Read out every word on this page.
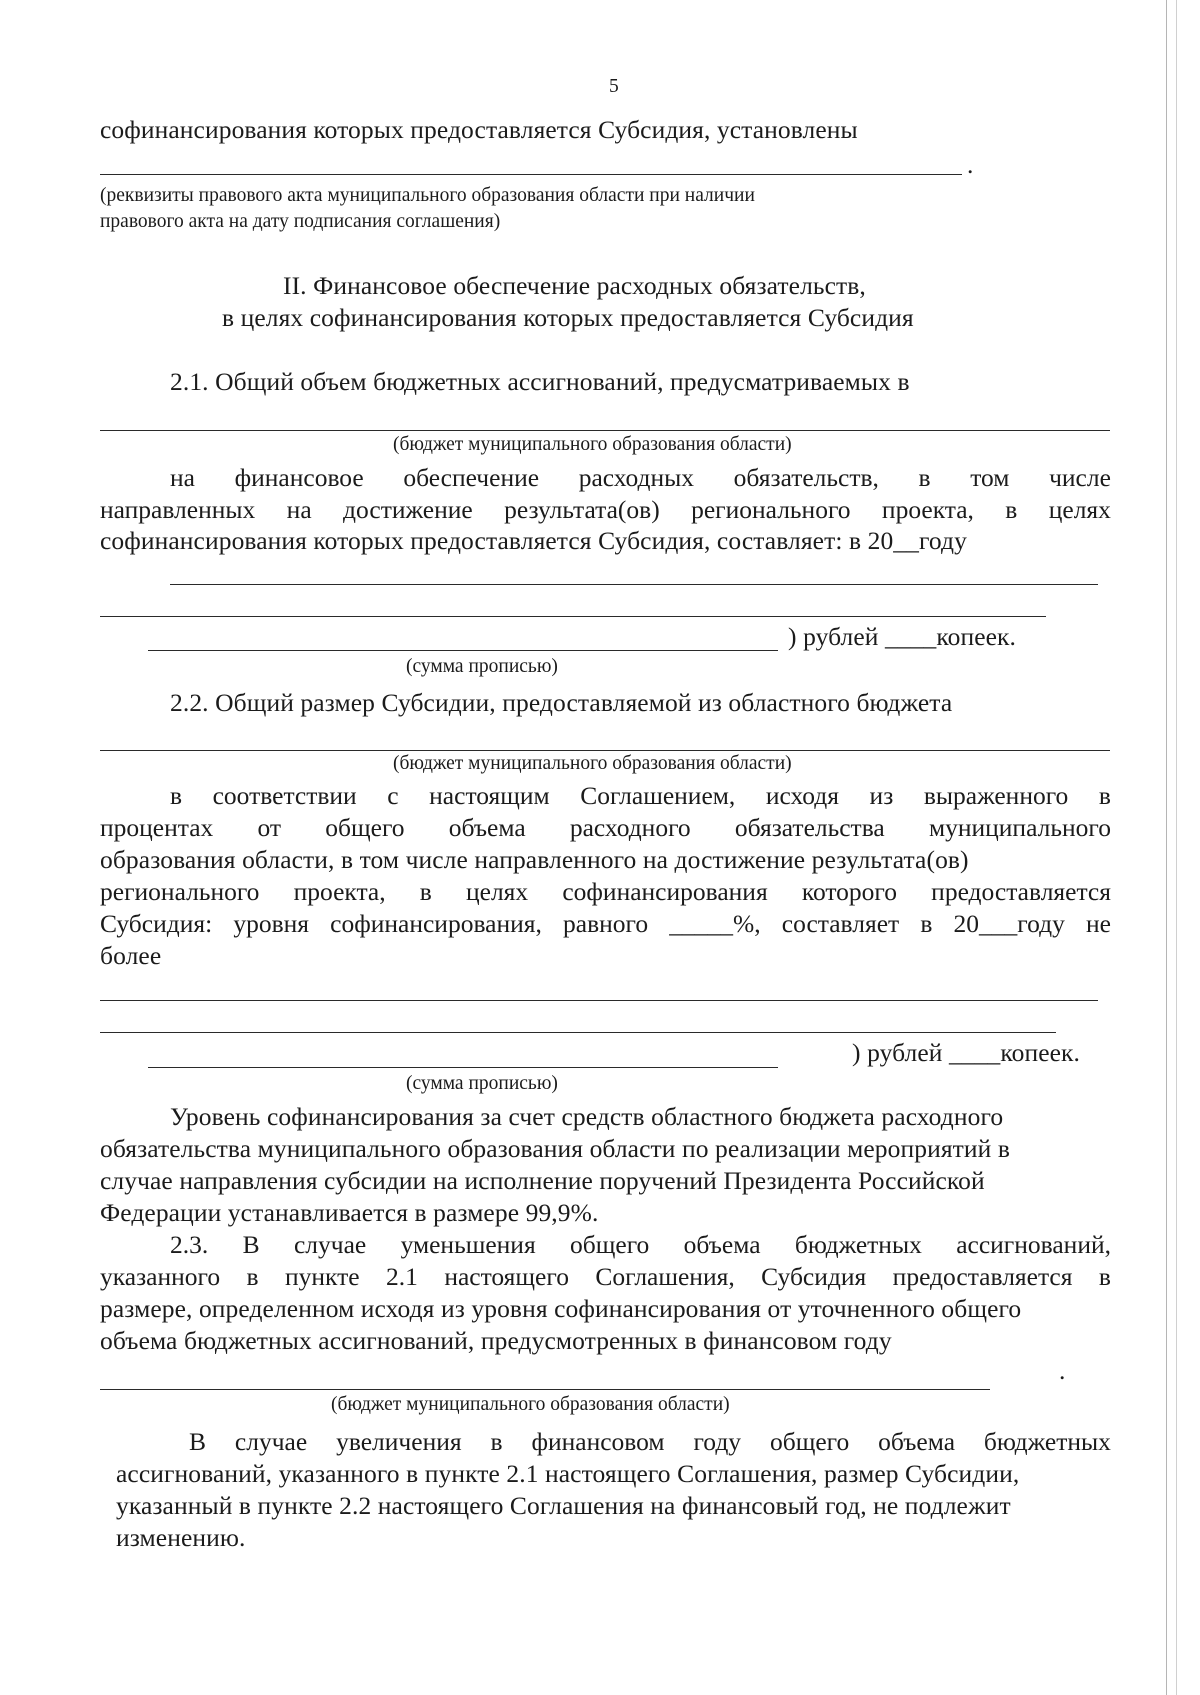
5
софинансирования которых предоставляется Субсидия, установлены
.
(реквизиты правового акта муниципального образования области при наличии
правового акта на дату подписания соглашения)
II. Финансовое обеспечение расходных обязательств,
в целях софинансирования которых предоставляется Субсидия
2.1. Общий объем бюджетных ассигнований, предусматриваемых в
(бюджет муниципального образования области)
на финансовое обеспечение расходных обязательств, в том числе
направленных на достижение результата(ов) регионального проекта, в целях
софинансирования которых предоставляется Субсидия, составляет: в 20__году
) рублей ____копеек.
(сумма прописью)
2.2. Общий размер Субсидии, предоставляемой из областного бюджета
(бюджет муниципального образования области)
в соответствии с настоящим Соглашением, исходя из выраженного в
процентах от общего объема расходного обязательства муниципального
образования области, в том числе направленного на достижение результата(ов)
регионального проекта, в целях софинансирования которого предоставляется
Субсидия: уровня софинансирования, равного _____%, составляет в 20___году не
более
) рублей ____копеек.
(сумма прописью)
Уровень софинансирования за счет средств областного бюджета расходного
обязательства муниципального образования области по реализации мероприятий в
случае направления субсидии на исполнение поручений Президента Российской
Федерации устанавливается в размере 99,9%.
2.3. В случае уменьшения общего объема бюджетных ассигнований,
указанного в пункте 2.1 настоящего Соглашения, Субсидия предоставляется в
размере, определенном исходя из уровня софинансирования от уточненного общего
объема бюджетных ассигнований, предусмотренных в финансовом году
.
(бюджет муниципального образования области)
В случае увеличения в финансовом году общего объема бюджетных
ассигнований, указанного в пункте 2.1 настоящего Соглашения, размер Субсидии,
указанный в пункте 2.2 настоящего Соглашения на финансовый год, не подлежит
изменению.
